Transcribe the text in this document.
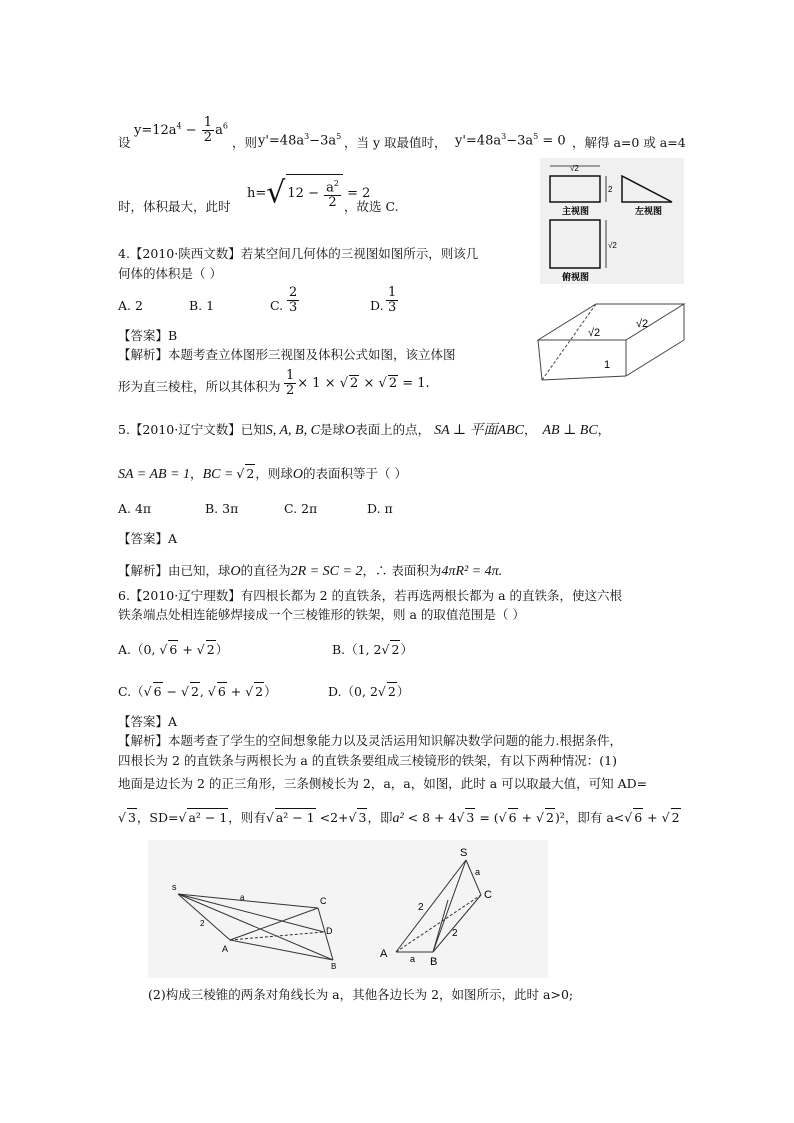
设
$y=12a^4 - \frac{1}{2} a^6$
，则 $y'=48a^3-3a^5$ ，当 y 取最值时， $y'=48a^3-3a^5 = 0$ ，解得 a=0 或 a=4
时，体积最大，此时
h=√ $12 - \frac{a^2}{2} = 2$
，故选 C.
√2
2
主视图	左视图
√2
俯视图
4.【2010·陕西文数】若某空间几何体的三视图如图所示，则该几
何体的体积是（ ）
A. 2	B. 1	C. $\frac{2}{3}$	D. $\frac{1}{3}$
【答案】B
【解析】本题考查立体图形三视图及体积公式如图，该立体图
形为直三棱柱，所以其体积为 $\frac{1}{2} \times 1$ × √ 2 × √ 2 = 1.
√2
√2
1
5.【2010·辽宁文数】已知S, A, B, C是球O表面上的点， SA ⊥ 平面ABC， AB ⊥ BC，
SA = AB = 1，BC = √ 2，则球O的表面积等于（ ）
A. 4π	B. 3π	C. 2π	D. π
【答案】A
【解析】由已知，球O的直径为2R = SC = 2，∴ 表面积为4πR² = 4π.
6.【2010·辽宁理数】有四根长都为 2 的直铁条，若再选两根长都为 a 的直铁条，使这六根
铁条端点处相连能够焊接成一个三棱锥形的铁架，则 a 的取值范围是（ ）
A.（0, √ 6 + √ 2）	B.（1, 2√ 2）
C.（√ 6 − √ 2, √ 6 + √ 2）	D.（0, 2√ 2）
【答案】A
【解析】本题考查了学生的空间想象能力以及灵活运用知识解决数学问题的能力.根据条件，
四根长为 2 的直铁条与两根长为 a 的直铁条要组成三棱镜形的铁架，有以下两种情况：(1)
地面是边长为 2 的正三角形，三条侧棱长为 2，a，a，如图，此时 a 可以取最大值，可知 AD=
√ 3，SD=√ a² − 1，则有√ a² − 1 <2+√ 3，即a² < 8 + 4√ 3 = (√ 6 + √ 2)²，即有 a<√ 6 + √ 2
s
C
D
A
B
a
2
S
C
A
B
a
a
2
2
(2)构成三棱锥的两条对角线长为 a，其他各边长为 2，如图所示，此时 a>0;
